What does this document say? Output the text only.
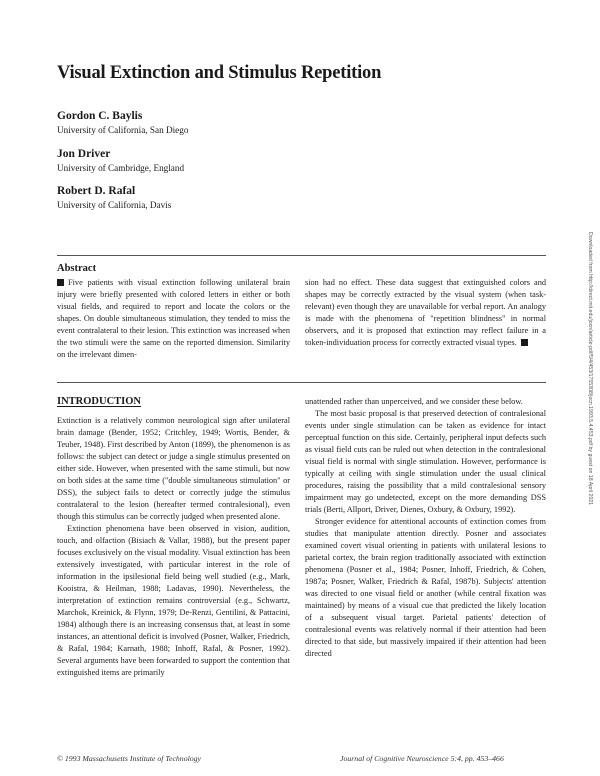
Visual Extinction and Stimulus Repetition

Gordon C. Baylis

University of California, San Diego

Jon Driver

University of Cambridge, England

Robert D. Rafal

University of California, Davis

Abstract

Five patients with visual extinction following unilateral brain injury were briefly presented with colored letters in either or both visual fields, and required to report and locate the colors or the shapes. On double simultaneous stimulation, they tended to miss the event contralateral to their lesion. This extinction was increased when the two stimuli were the same on the reported dimension. Similarity on the irrelevant dimen-

sion had no effect. These data suggest that extinguished colors and shapes may be correctly extracted by the visual system (when task-relevant) even though they are unavailable for verbal report. An analogy is made with the phenomena of "repetition blindness" in normal observers, and it is proposed that extinction may reflect failure in a token-individuation process for correctly extracted visual types.

INTRODUCTION

Extinction is a relatively common neurological sign after unilateral brain damage (Bender, 1952; Critchley, 1949; Wortis, Bender, & Teuber, 1948). First described by Anton (1899), the phenomenon is as follows: the subject can detect or judge a single stimulus presented on either side. However, when presented with the same stimuli, but now on both sides at the same time ("double simultaneous stimulation" or DSS), the subject fails to detect or correctly judge the stimulus contralateral to the lesion (hereafter termed contralesional), even though this stimulus can be correctly judged when presented alone.
Extinction phenomena have been observed in vision, audition, touch, and olfaction (Bisiach & Vallar, 1988), but the present paper focuses exclusively on the visual modality. Visual extinction has been extensively investigated, with particular interest in the role of information in the ipsilesional field being well studied (e.g., Mark, Kooistra, & Heilman, 1988; Ladavas, 1990). Nevertheless, the interpretation of extinction remains controversial (e.g., Schwartz, Marchok, Kreinick, & Flynn, 1979; De-Renzi, Gentilini, & Pattacini, 1984) although there is an increasing consensus that, at least in some instances, an attentional deficit is involved (Posner, Walker, Friedrich, & Rafal, 1984; Karnath, 1988; Inhoff, Rafal, & Posner, 1992). Several arguments have been forwarded to support the contention that extinguished items are primarily
unattended rather than unperceived, and we consider these below.
The most basic proposal is that preserved detection of contralesional events under single stimulation can be taken as evidence for intact perceptual function on this side. Certainly, peripheral input defects such as visual field cuts can be ruled out when detection in the contralesional visual field is normal with single stimulation. However, performance is typically at ceiling with single stimulation under the usual clinical procedures, raising the possibility that a mild contralesional sensory impairment may go undetected, except on the more demanding DSS trials (Berti, Allport, Driver, Dienes, Oxbury, & Oxbury, 1992).
Stronger evidence for attentional accounts of extinction comes from studies that manipulate attention directly. Posner and associates examined covert visual orienting in patients with unilateral lesions to parietal cortex, the brain region traditionally associated with extinction phenomena (Posner et al., 1984; Posner, Inhoff, Friedrich, & Cohen, 1987a; Posner, Walker, Friedrich & Rafal, 1987b). Subjects' attention was directed to one visual field or another (while central fixation was maintained) by means of a visual cue that predicted the likely location of a subsequent visual target. Parietal patients' detection of contralesional events was relatively normal if their attention had been directed to that side, but massively impaired if their attention had been directed
Downloaded from http://direct.mit.edu/jocn/article-pdf/5/4/453/1755308/jocn.1993.5.4.453.pdf by guest on 18 April 2021

© 1993 Massachusetts Institute of Technology	Journal of Cognitive Neuroscience 5:4, pp. 453–466
